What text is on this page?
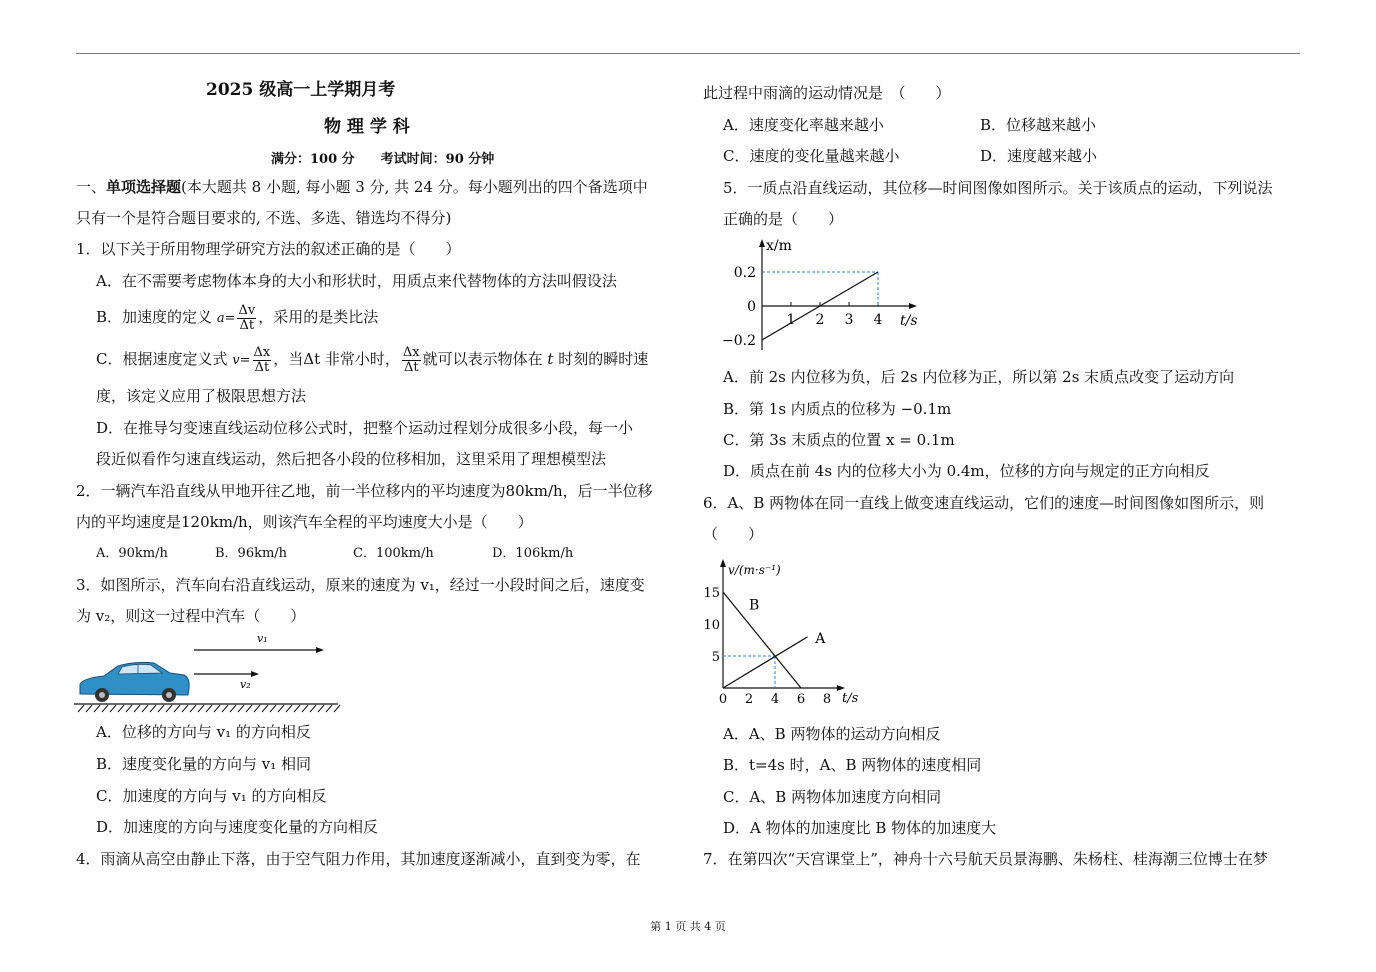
2025 级高一上学期月考
物 理 学 科
满分：100 分　　考试时间：90 分钟
一、单项选择题(本大题共 8 小题, 每小题 3 分, 共 24 分。每小题列出的四个备选项中
只有一个是符合题目要求的, 不选、多选、错选均不得分)
1．以下关于所用物理学研究方法的叙述正确的是（　　）
A．在不需要考虑物体本身的大小和形状时，用质点来代替物体的方法叫假设法
B．加速度的定义 $a= \frac{\Delta v}{\Delta t}$ ，采用的是类比法
C．根据速度定义式 $v= \frac{\Delta x}{\Delta t}$ ，当Δt 非常小时， $\frac{\Delta x}{\Delta t}$ 就可以表示物体在 t 时刻的瞬时速
度，该定义应用了极限思想方法
D．在推导匀变速直线运动位移公式时，把整个运动过程划分成很多小段，每一小
段近似看作匀速直线运动，然后把各小段的位移相加，这里采用了理想模型法
2．一辆汽车沿直线从甲地开往乙地，前一半位移内的平均速度为80km/h，后一半位移
内的平均速度是120km/h，则该汽车全程的平均速度大小是（　　）
A．90km/h	B．96km/h	C．100km/h	D．106km/h
3．如图所示，汽车向右沿直线运动，原来的速度为 v₁，经过一小段时间之后，速度变
为 v₂，则这一过程中汽车（　　）
v₁
v₂
A．位移的方向与 v₁ 的方向相反
B．速度变化量的方向与 v₁ 相同
C．加速度的方向与 v₁ 的方向相反
D．加速度的方向与速度变化量的方向相反
4．雨滴从高空由静止下落，由于空气阻力作用，其加速度逐渐减小，直到变为零，在
此过程中雨滴的运动情况是　（　　）
A．速度变化率越来越小	B．位移越来越小
C．速度的变化量越来越小	D．速度越来越小
5．一质点沿直线运动，其位移—时间图像如图所示。关于该质点的运动，下列说法
正确的是（　　）
x/m
t/s
0.2
0
−0.2
1 2 3 4
A．前 2s 内位移为负，后 2s 内位移为正，所以第 2s 末质点改变了运动方向
B．第 1s 内质点的位移为 −0.1m
C．第 3s 末质点的位置 x = 0.1m
D．质点在前 4s 内的位移大小为 0.4m，位移的方向与规定的正方向相反
6．A、B 两物体在同一直线上做变速直线运动，它们的速度—时间图像如图所示，则
（　　）
v/(m·s⁻¹)
t/s
15
10
5
0 2 4 6 8
A
B
A．A、B 两物体的运动方向相反
B．t=4s 时，A、B 两物体的速度相同
C．A、B 两物体加速度方向相同
D．A 物体的加速度比 B 物体的加速度大
7．在第四次“天宫课堂上”，神舟十六号航天员景海鹏、朱杨柱、桂海潮三位博士在梦
第 1 页 共 4 页
